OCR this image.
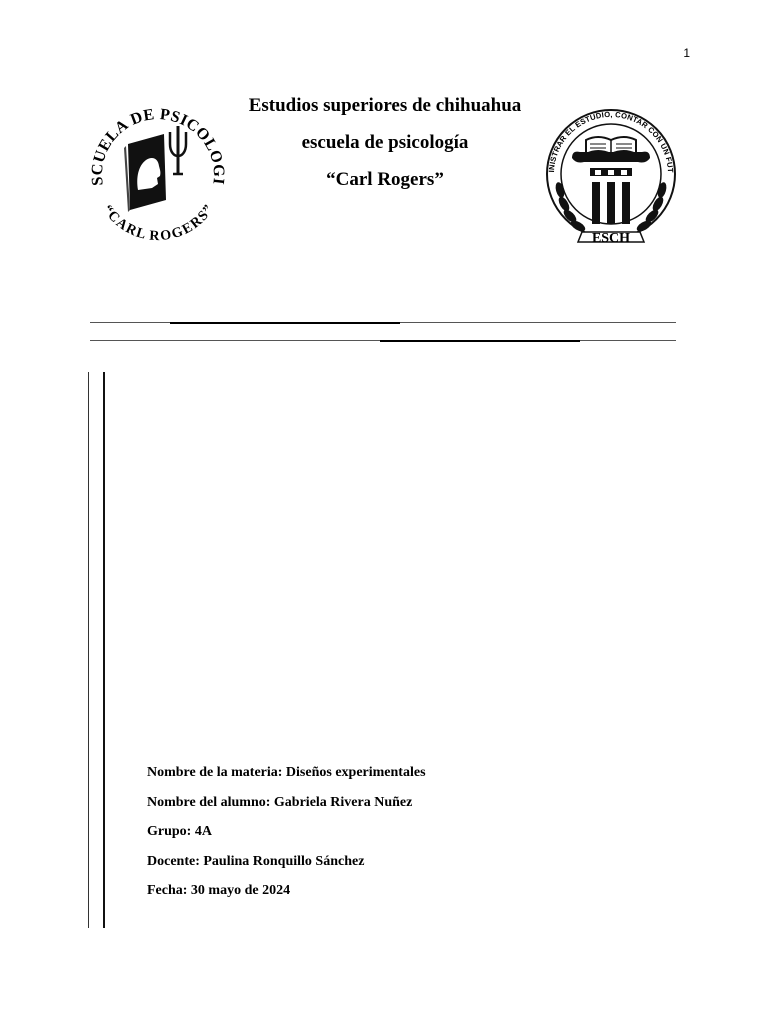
1
SCUELA DE PSICOLOGI
“CARL ROGERS”

Estudios superiores de chihuahua

escuela de psicología

“Carl Rogers”	INISTRAR EL ESTUDIO, CONTAR CON UN FUT
ESCH

Nombre de la materia: Diseños experimentales

Nombre del alumno: Gabriela Rivera Nuñez

Grupo: 4A

Docente: Paulina Ronquillo Sánchez

Fecha: 30 mayo de 2024
